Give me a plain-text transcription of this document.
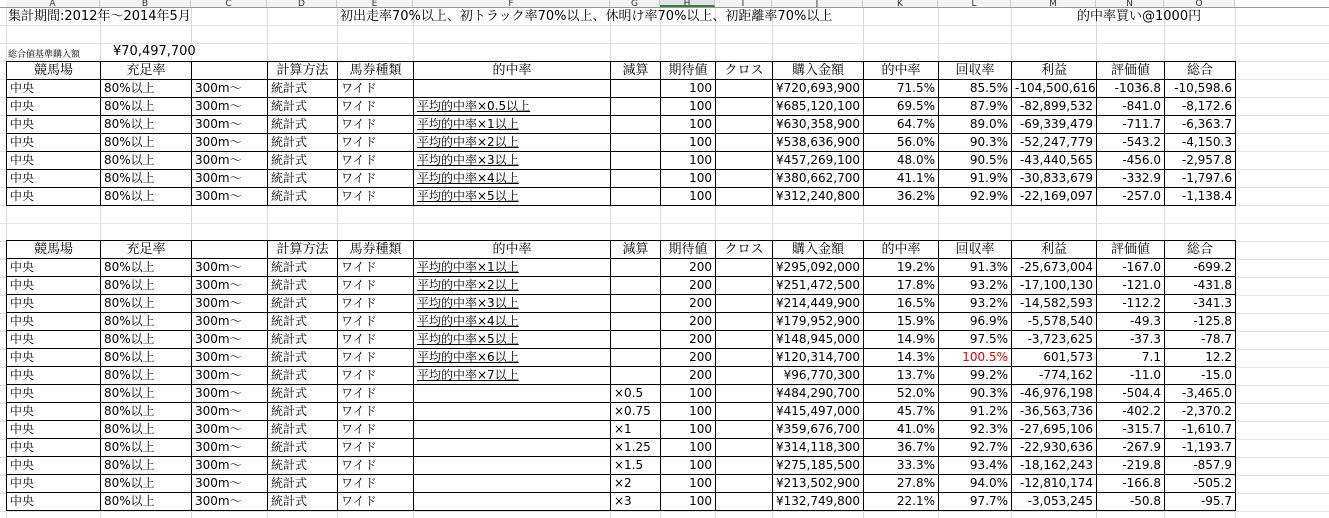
A	B	C	D	E	F	G	H	I	J	K	L	M	N	O
集計期間:2012年～2014年5月	初出走率70%以上、初トラック率70%以上、休明け率70%以上、初距離率70%以上	的中率買い@1000円
総合値基準購入額	¥70,497,700
競馬場	充足率		計算方法	馬券種類	的中率	減算	期待値	クロス	購入金額	的中率	回収率	利益	評価値	総合
中央	80%以上	300m～	統計式	ワイド			100		¥720,693,900	71.5%	85.5%	-104,500,616	-1036.8	-10,598.6
中央	80%以上	300m～	統計式	ワイド	平均的中率×0.5以上		100		¥685,120,100	69.5%	87.9%	-82,899,532	-841.0	-8,172.6
中央	80%以上	300m～	統計式	ワイド	平均的中率×1以上		100		¥630,358,900	64.7%	89.0%	-69,339,479	-711.7	-6,363.7
中央	80%以上	300m～	統計式	ワイド	平均的中率×2以上		100		¥538,636,900	56.0%	90.3%	-52,247,779	-543.2	-4,150.3
中央	80%以上	300m～	統計式	ワイド	平均的中率×3以上		100		¥457,269,100	48.0%	90.5%	-43,440,565	-456.0	-2,957.8
中央	80%以上	300m～	統計式	ワイド	平均的中率×4以上		100		¥380,662,700	41.1%	91.9%	-30,833,679	-332.9	-1,797.6
中央	80%以上	300m～	統計式	ワイド	平均的中率×5以上		100		¥312,240,800	36.2%	92.9%	-22,169,097	-257.0	-1,138.4
競馬場	充足率		計算方法	馬券種類	的中率	減算	期待値	クロス	購入金額	的中率	回収率	利益	評価値	総合
中央	80%以上	300m～	統計式	ワイド	平均的中率×1以上		200		¥295,092,000	19.2%	91.3%	-25,673,004	-167.0	-699.2
中央	80%以上	300m～	統計式	ワイド	平均的中率×2以上		200		¥251,472,500	17.8%	93.2%	-17,100,130	-121.0	-431.8
中央	80%以上	300m～	統計式	ワイド	平均的中率×3以上		200		¥214,449,900	16.5%	93.2%	-14,582,593	-112.2	-341.3
中央	80%以上	300m～	統計式	ワイド	平均的中率×4以上		200		¥179,952,900	15.9%	96.9%	-5,578,540	-49.3	-125.8
中央	80%以上	300m～	統計式	ワイド	平均的中率×5以上		200		¥148,945,000	14.9%	97.5%	-3,723,625	-37.3	-78.7
中央	80%以上	300m～	統計式	ワイド	平均的中率×6以上		200		¥120,314,700	14.3%	100.5%	601,573	7.1	12.2
中央	80%以上	300m～	統計式	ワイド	平均的中率×7以上		200		¥96,770,300	13.7%	99.2%	-774,162	-11.0	-15.0
中央	80%以上	300m～	統計式	ワイド		×0.5	100		¥484,290,700	52.0%	90.3%	-46,976,198	-504.4	-3,465.0
中央	80%以上	300m～	統計式	ワイド		×0.75	100		¥415,497,000	45.7%	91.2%	-36,563,736	-402.2	-2,370.2
中央	80%以上	300m～	統計式	ワイド		×1	100		¥359,676,700	41.0%	92.3%	-27,695,106	-315.7	-1,610.7
中央	80%以上	300m～	統計式	ワイド		×1.25	100		¥314,118,300	36.7%	92.7%	-22,930,636	-267.9	-1,193.7
中央	80%以上	300m～	統計式	ワイド		×1.5	100		¥275,185,500	33.3%	93.4%	-18,162,243	-219.8	-857.9
中央	80%以上	300m～	統計式	ワイド		×2	100		¥213,502,900	27.8%	94.0%	-12,810,174	-166.8	-505.2
中央	80%以上	300m～	統計式	ワイド		×3	100		¥132,749,800	22.1%	97.7%	-3,053,245	-50.8	-95.7
